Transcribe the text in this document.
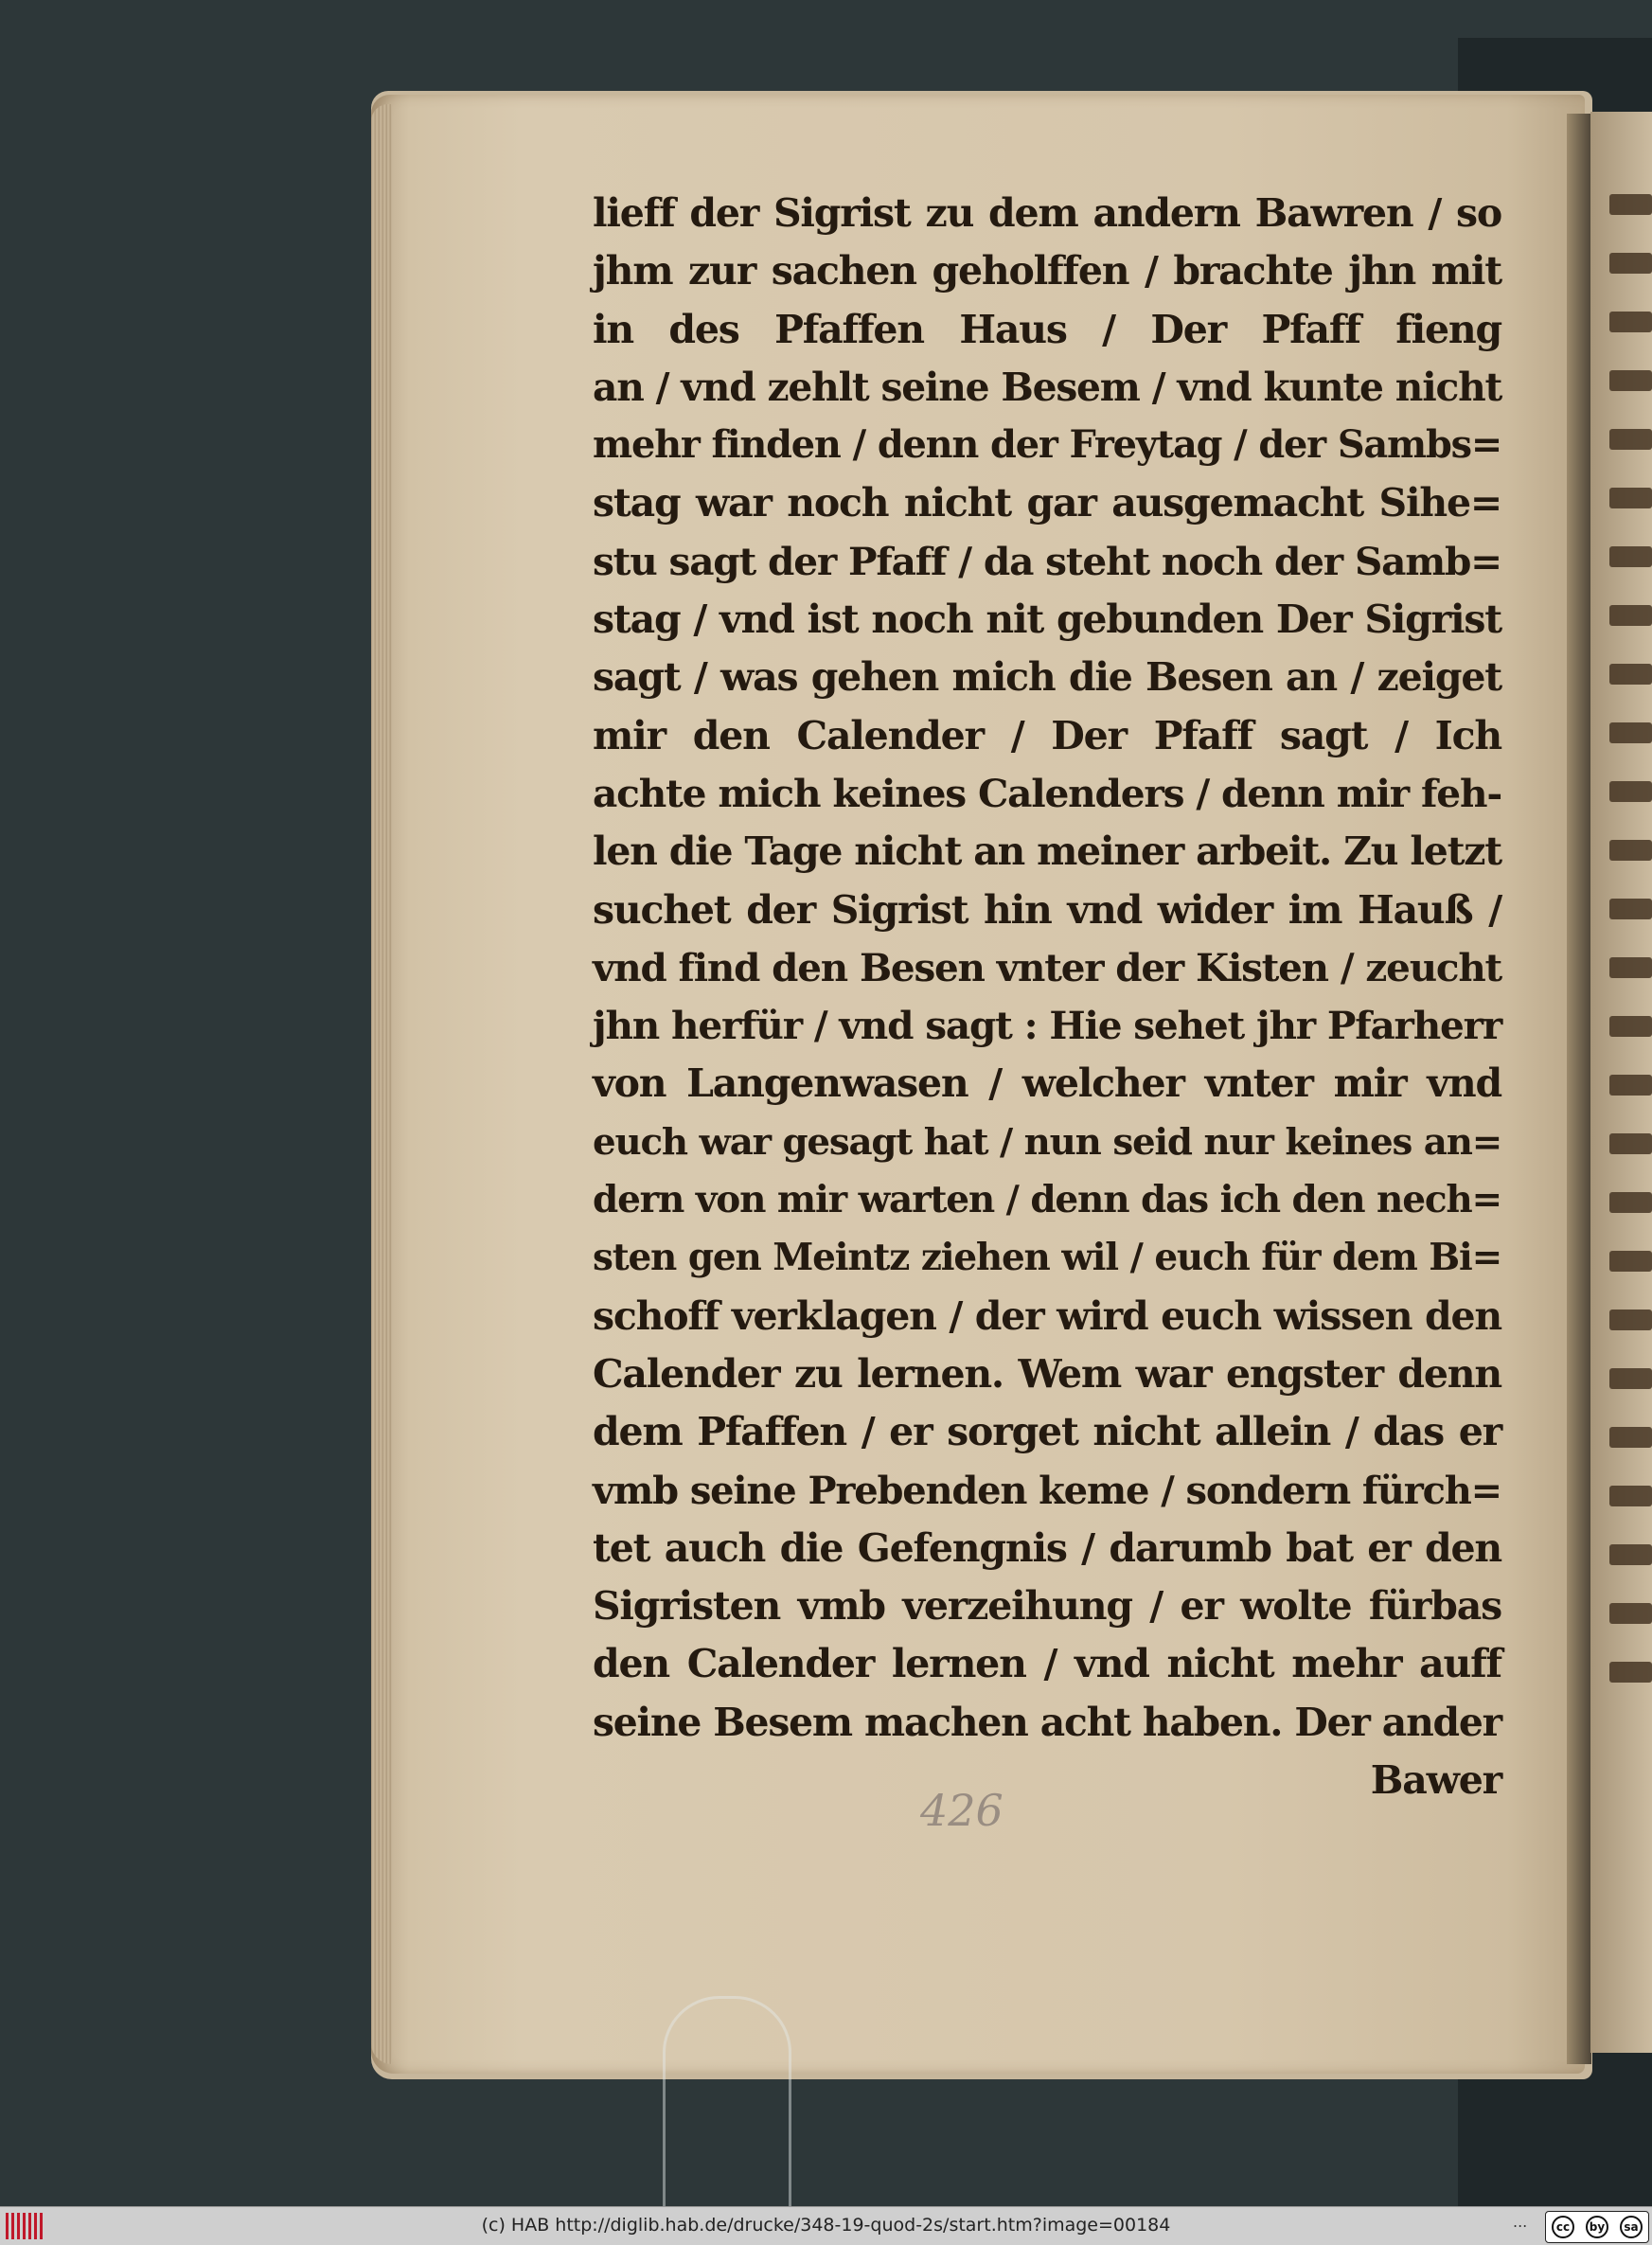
lieff der Sigrist zu dem andern Bawren / so
jhm zur sachen geholffen / brachte jhn mit
in des Pfaffen Haus / Der Pfaff fieng
an / vnd zehlt seine Besem / vnd kunte nicht
mehr finden / denn der Freytag / der Sambs=
stag war noch nicht gar ausgemacht Sihe=
stu sagt der Pfaff / da steht noch der Samb=
stag / vnd ist noch nit gebunden Der Sigrist
sagt / was gehen mich die Besen an / zeiget
mir den Calender / Der Pfaff sagt / Ich
achte mich keines Calenders / denn mir feh-
len die Tage nicht an meiner arbeit. Zu letzt
suchet der Sigrist hin vnd wider im Hauß /
vnd find den Besen vnter der Kisten / zeucht
jhn herfür / vnd sagt : Hie sehet jhr Pfarherr
von Langenwasen / welcher vnter mir vnd
euch war gesagt hat / nun seid nur keines an=
dern von mir warten / denn das ich den nech=
sten gen Meintz ziehen wil / euch für dem Bi=
schoff verklagen / der wird euch wissen den
Calender zu lernen. Wem war engster denn
dem Pfaffen / er sorget nicht allein / das er
vmb seine Prebenden keme / sondern fürch=
tet auch die Gefengnis / darumb bat er den
Sigristen vmb verzeihung / er wolte fürbas
den Calender lernen / vnd nicht mehr auff
seine Besem machen acht haben. Der ander
Bawer
426
(c) HAB http://diglib.hab.de/drucke/348-19-quod-2s/start.htm?image=00184	...	cc	by	sa
